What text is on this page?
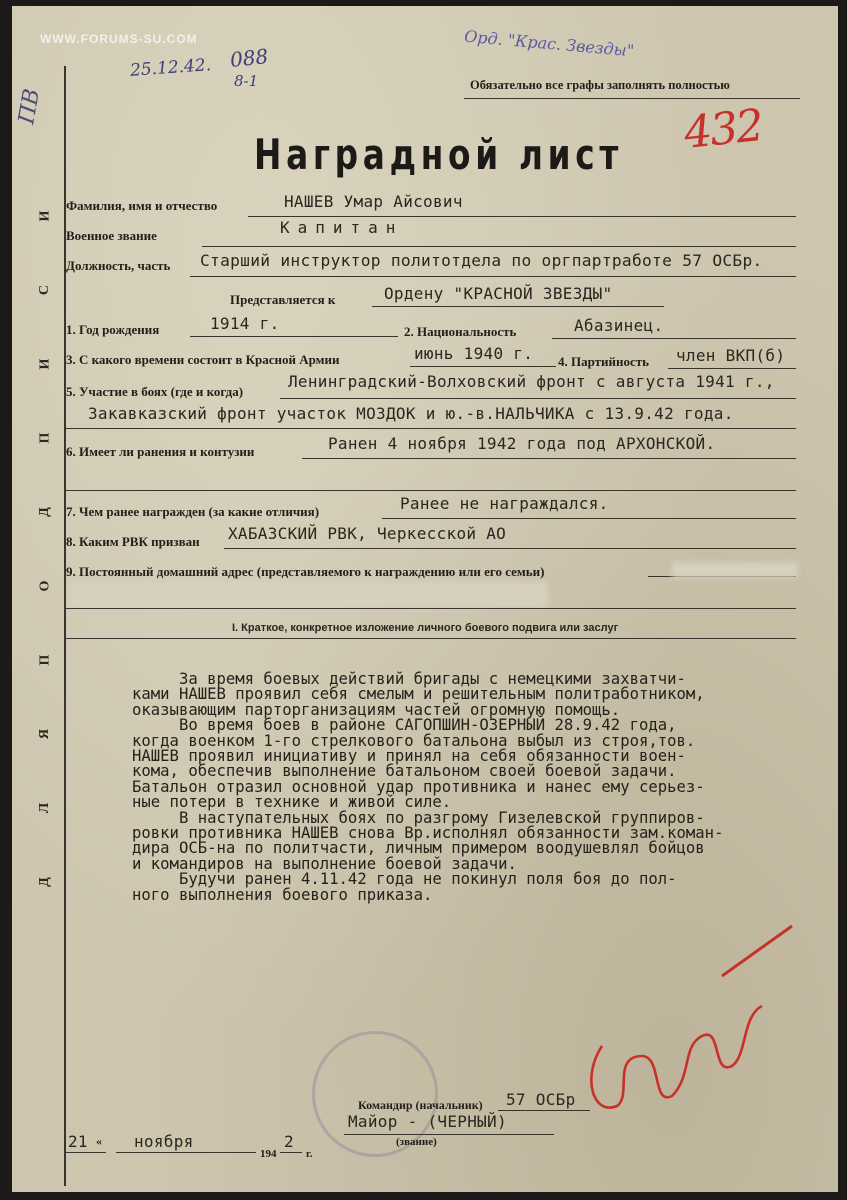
WWW.FORUMS-SU.COM
ПВ
25.12.42. 088
8-1
Орд. "Крас. Звезды"
432
Обязательно все графы заполнять полностью
Наградной лист
Д
Л
Я
П
О
Д
П
И
С
И
Фамилия, имя и отчество	НАШЕВ Умар Айсович
Военное звание	Капитан
Должность, часть Старший инструктор политотдела по оргпартработе 57 ОСБр.
Представляется к	Ордену "КРАСНОЙ ЗВЕЗДЫ"
1. Год рождения	1914 г.	2. Национальность	Абазинец.
3. С какого времени состоит в Красной Армии	июнь 1940 г. 4. Партийность член ВКП(б)
5. Участие в боях (где и когда)
Ленинградский-Волховский фронт с августа 1941 г.,
Закавказский фронт участок МОЗДОК и ю.-в.НАЛЬЧИКА с 13.9.42 года.
6. Имеет ли ранения и контузии	Ранен 4 ноября 1942 года под АРХОНСКОЙ.
7. Чем ранее награжден (за какие отличия)	Ранее не награждался.
8. Каким РВК призван ХАБАЗСКИЙ РВК, Черкесской АО
9. Постоянный домашний адрес (представляемого к награждению или его семьи)
I. Краткое, конкретное изложение личного боевого подвига или заслуг
За время боевых действий бригады с немецкими захватчи-
ками НАШЕВ проявил себя смелым и решительным политработником,
оказывающим парторганизациям частей огромную помощь.
Во время боев в районе САГОПШИН-ОЗЕРНЫЙ 28.9.42 года,
когда военком 1-го стрелкового батальона выбыл из строя,тов.
НАШЕВ проявил инициативу и принял на себя обязанности воен-
кома, обеспечив выполнение батальоном своей боевой задачи.
Батальон отразил основной удар противника и нанес ему серьез-
ные потери в технике и живой силе.
В наступательных боях по разгрому Гизелевской группиров-
ровки противника НАШЕВ снова Вр.исполнял обязанности зам.коман-
дира ОСБ-на по политчасти, личным примером воодушевлял бойцов
и командиров на выполнение боевой задачи.
Будучи ранен 4.11.42 года не покинул поля боя до пол-
ного выполнения боевого приказа.
Командир (начальник) 57 ОСБр
Майор - (ЧЕРНЫЙ)
(звание)
21 « ноября
194
2
г.
